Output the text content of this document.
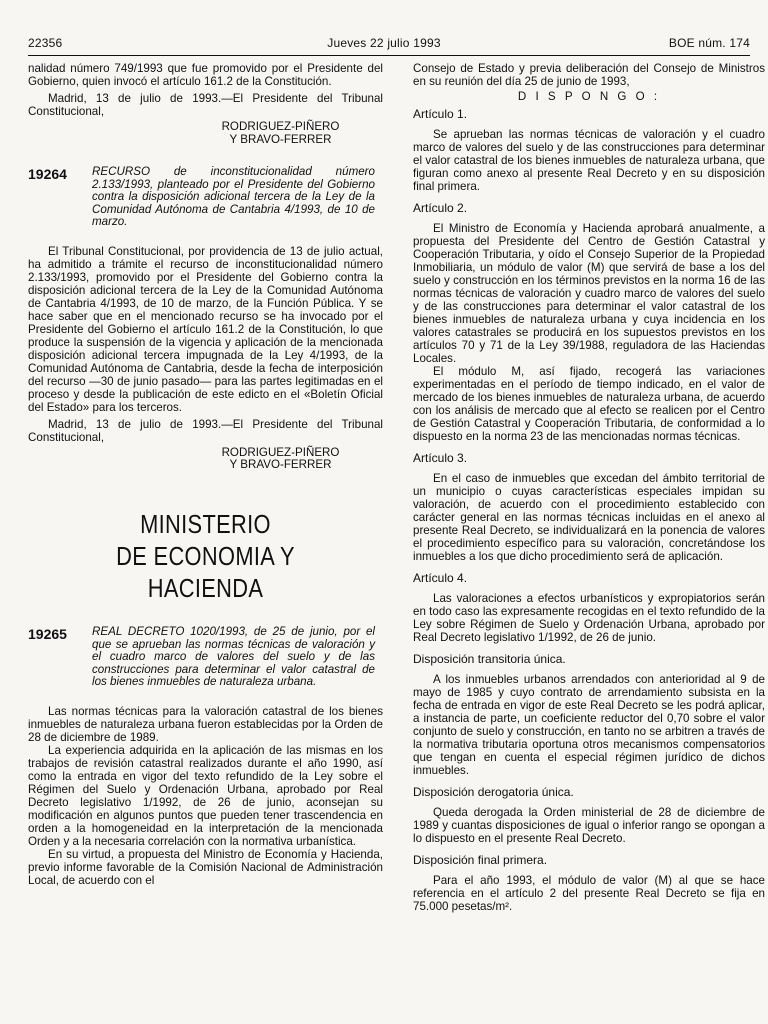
22356	Jueves 22 julio 1993	BOE núm. 174

nalidad número 749/1993 que fue promovido por el Presidente del Gobierno, quien invocó el artículo 161.2 de la Constitución.

Madrid, 13 de julio de 1993.—El Presidente del Tribunal Constitucional,

RODRIGUEZ-PIÑERO
Y BRAVO-FERRER
19264	RECURSO de inconstitucionalidad número 2.133/1993, planteado por el Presidente del Gobierno contra la disposición adicional tercera de la Ley de la Comunidad Autónoma de Cantabria 4/1993, de 10 de marzo.

El Tribunal Constitucional, por providencia de 13 de julio actual, ha admitido a trámite el recurso de inconstitucionalidad número 2.133/1993, promovido por el Presidente del Gobierno contra la disposición adicional tercera de la Ley de la Comunidad Autónoma de Cantabria 4/1993, de 10 de marzo, de la Función Pública. Y se hace saber que en el mencionado recurso se ha invocado por el Presidente del Gobierno el artículo 161.2 de la Constitución, lo que produce la suspensión de la vigencia y aplicación de la mencionada disposición adicional tercera impugnada de la Ley 4/1993, de la Comunidad Autónoma de Cantabria, desde la fecha de interposición del recurso —30 de junio pasado— para las partes legitimadas en el proceso y desde la publicación de este edicto en el «Boletín Oficial del Estado» para los terceros.

Madrid, 13 de julio de 1993.—El Presidente del Tribunal Constitucional,

RODRIGUEZ-PIÑERO
Y BRAVO-FERRER
MINISTERIO
DE ECONOMIA Y HACIENDA
19265	REAL DECRETO 1020/1993, de 25 de junio, por el que se aprueban las normas técnicas de valoración y el cuadro marco de valores del suelo y de las construcciones para determinar el valor catastral de los bienes inmuebles de naturaleza urbana.

Las normas técnicas para la valoración catastral de los bienes inmuebles de naturaleza urbana fueron establecidas por la Orden de 28 de diciembre de 1989.

La experiencia adquirida en la aplicación de las mismas en los trabajos de revisión catastral realizados durante el año 1990, así como la entrada en vigor del texto refundido de la Ley sobre el Régimen del Suelo y Ordenación Urbana, aprobado por Real Decreto legislativo 1/1992, de 26 de junio, aconsejan su modificación en algunos puntos que pueden tener trascendencia en orden a la homogeneidad en la interpretación de la mencionada Orden y a la necesaria correlación con la normativa urbanística.

En su virtud, a propuesta del Ministro de Economía y Hacienda, previo informe favorable de la Comisión Nacional de Administración Local, de acuerdo con el

Consejo de Estado y previa deliberación del Consejo de Ministros en su reunión del día 25 de junio de 1993,

D I S P O N G O :
Artículo 1.

Se aprueban las normas técnicas de valoración y el cuadro marco de valores del suelo y de las construcciones para determinar el valor catastral de los bienes inmuebles de naturaleza urbana, que figuran como anexo al presente Real Decreto y en su disposición final primera.

Artículo 2.

El Ministro de Economía y Hacienda aprobará anualmente, a propuesta del Presidente del Centro de Gestión Catastral y Cooperación Tributaria, y oído el Consejo Superior de la Propiedad Inmobiliaria, un módulo de valor (M) que servirá de base a los del suelo y construcción en los términos previstos en la norma 16 de las normas técnicas de valoración y cuadro marco de valores del suelo y de las construcciones para determinar el valor catastral de los bienes inmuebles de naturaleza urbana y cuya incidencia en los valores catastrales se producirá en los supuestos previstos en los artículos 70 y 71 de la Ley 39/1988, reguladora de las Haciendas Locales.

El módulo M, así fijado, recogerá las variaciones experimentadas en el período de tiempo indicado, en el valor de mercado de los bienes inmuebles de naturaleza urbana, de acuerdo con los análisis de mercado que al efecto se realicen por el Centro de Gestión Catastral y Cooperación Tributaria, de conformidad a lo dispuesto en la norma 23 de las mencionadas normas técnicas.

Artículo 3.

En el caso de inmuebles que excedan del ámbito territorial de un municipio o cuyas características especiales impidan su valoración, de acuerdo con el procedimiento establecido con carácter general en las normas técnicas incluidas en el anexo al presente Real Decreto, se individualizará en la ponencia de valores el procedimiento específico para su valoración, concretándose los inmuebles a los que dicho procedimiento será de aplicación.

Artículo 4.

Las valoraciones a efectos urbanísticos y expropiatorios serán en todo caso las expresamente recogidas en el texto refundido de la Ley sobre Régimen de Suelo y Ordenación Urbana, aprobado por Real Decreto legislativo 1/1992, de 26 de junio.

Disposición transitoria única.

A los inmuebles urbanos arrendados con anterioridad al 9 de mayo de 1985 y cuyo contrato de arrendamiento subsista en la fecha de entrada en vigor de este Real Decreto se les podrá aplicar, a instancia de parte, un coeficiente reductor del 0,70 sobre el valor conjunto de suelo y construcción, en tanto no se arbitren a través de la normativa tributaria oportuna otros mecanismos compensatorios que tengan en cuenta el especial régimen jurídico de dichos inmuebles.

Disposición derogatoria única.

Queda derogada la Orden ministerial de 28 de diciembre de 1989 y cuantas disposiciones de igual o inferior rango se opongan a lo dispuesto en el presente Real Decreto.

Disposición final primera.

Para el año 1993, el módulo de valor (M) al que se hace referencia en el artículo 2 del presente Real Decreto se fija en 75.000 pesetas/m².
